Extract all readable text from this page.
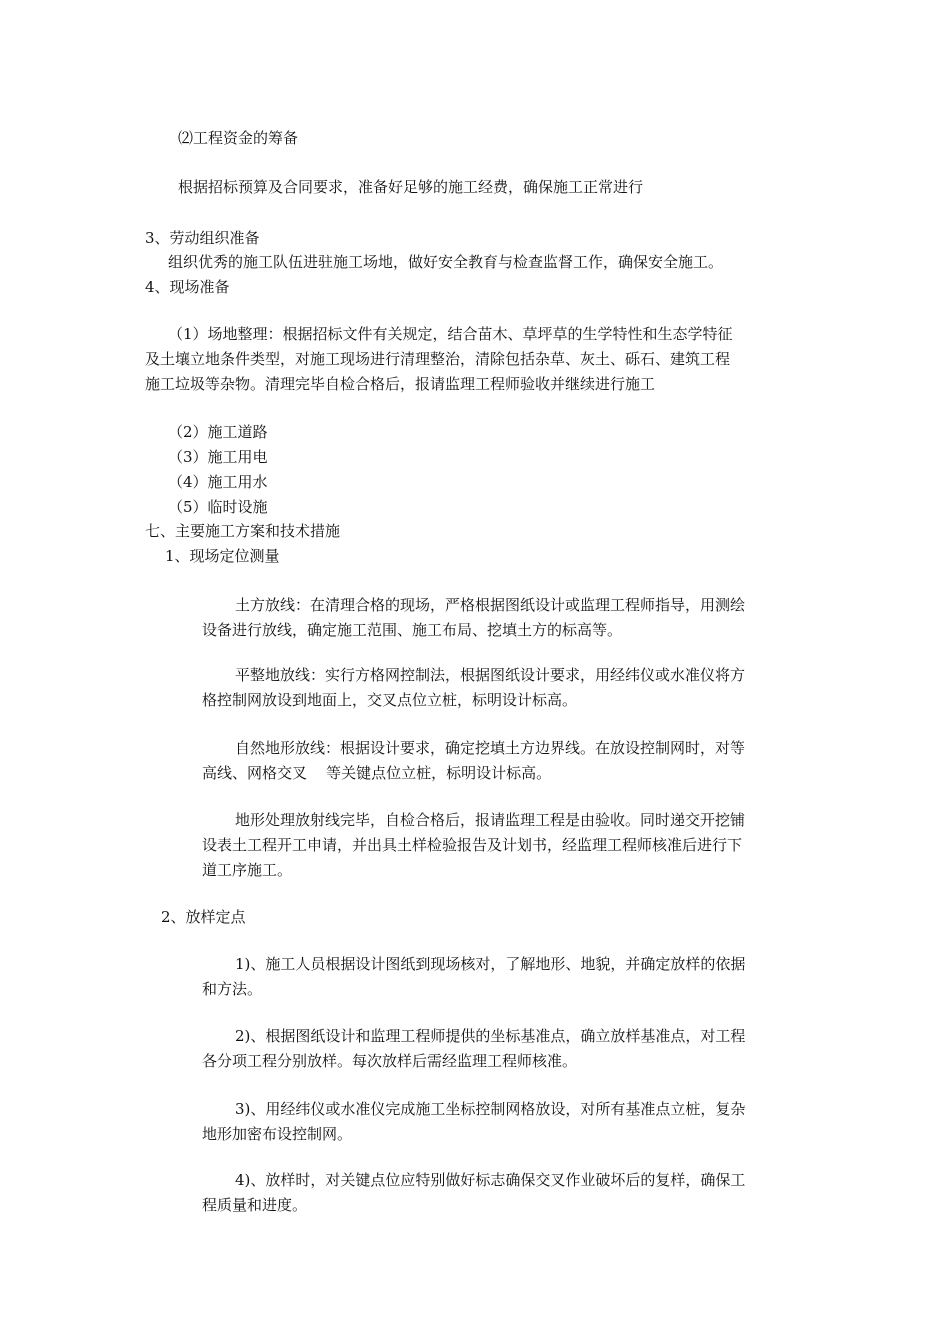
⑵工程资金的筹备
根据招标预算及合同要求，准备好足够的施工经费，确保施工正常进行
3、劳动组织准备
组织优秀的施工队伍进驻施工场地，做好安全教育与检查监督工作，确保安全施工。
4、现场准备
（1）场地整理：根据招标文件有关规定，结合苗木、草坪草的生学特性和生态学特征
及土壤立地条件类型，对施工现场进行清理整治，清除包括杂草、灰土、砾石、建筑工程
施工垃圾等杂物。清理完毕自检合格后，报请监理工程师验收并继续进行施工
（2）施工道路
（3）施工用电
（4）施工用水
（5）临时设施
七、主要施工方案和技术措施
1、现场定位测量
土方放线：在清理合格的现场，严格根据图纸设计或监理工程师指导，用测绘
设备进行放线，确定施工范围、施工布局、挖填土方的标高等。
平整地放线：实行方格网控制法，根据图纸设计要求，用经纬仪或水准仪将方
格控制网放设到地面上，交叉点位立桩，标明设计标高。
自然地形放线：根据设计要求，确定挖填土方边界线。在放设控制网时，对等
高线、网格交叉    等关键点位立桩，标明设计标高。
地形处理放射线完毕，自检合格后，报请监理工程是由验收。同时递交开挖铺
设表土工程开工申请，并出具土样检验报告及计划书，经监理工程师核准后进行下
道工序施工。
2、放样定点
1)、施工人员根据设计图纸到现场核对，了解地形、地貌，并确定放样的依据
和方法。
2)、根据图纸设计和监理工程师提供的坐标基准点，确立放样基准点，对工程
各分项工程分别放样。每次放样后需经监理工程师核准。
3)、用经纬仪或水准仪完成施工坐标控制网格放设，对所有基准点立桩，复杂
地形加密布设控制网。
4)、放样时，对关键点位应特别做好标志确保交叉作业破坏后的复样，确保工
程质量和进度。
